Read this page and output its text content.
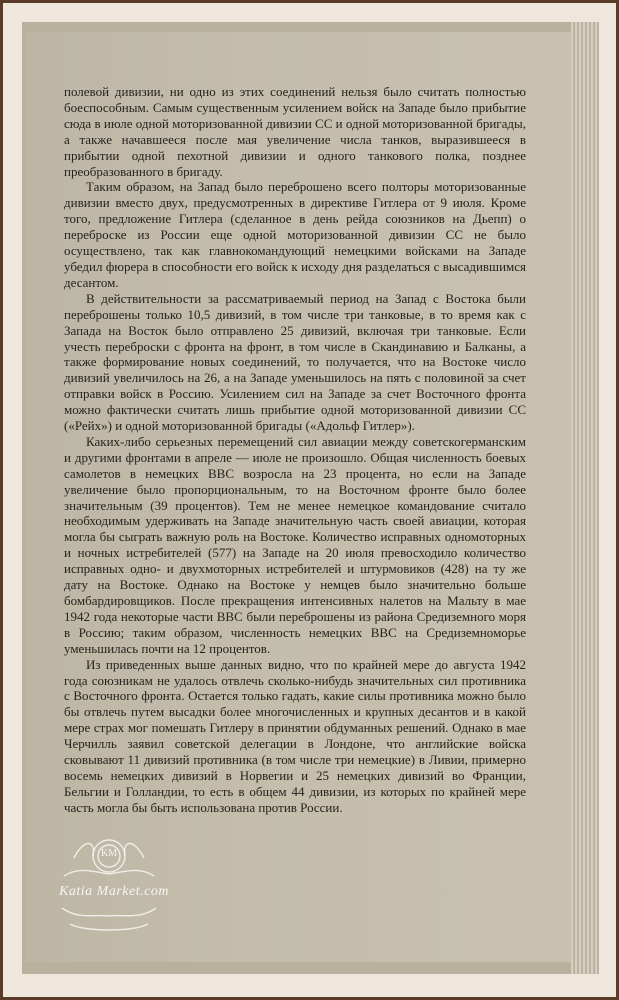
полевой дивизии, ни одно из этих соединений нельзя было считать полностью боеспособным. Самым существенным усилением войск на Западе было прибытие сюда в июле одной моторизованной дивизии СС и одной моторизованной бригады, а также начавшееся после мая увеличение числа танков, выразившееся в прибытии одной пехотной дивизии и одного танкового полка, позднее преобразованного в бригаду.

Таким образом, на Запад было переброшено всего полторы моторизованные дивизии вместо двух, предусмотренных в директиве Гитлера от 9 июля. Кроме того, предложение Гитлера (сделанное в день рейда союзников на Дьепп) о переброске из России еще одной моторизованной дивизии СС не было осуществлено, так как главнокомандующий немецкими войсками на Западе убедил фюрера в способности его войск к исходу дня разделаться с высадившимся десантом.

В действительности за рассматриваемый период на Запад с Востока были переброшены только 10,5 дивизий, в том числе три танковые, в то время как с Запада на Восток было отправлено 25 дивизий, включая три танковые. Если учесть переброски с фронта на фронт, в том числе в Скандинавию и Балканы, а также формирование новых соединений, то получается, что на Востоке число дивизий увеличилось на 26, а на Западе уменьшилось на пять с половиной за счет отправки войск в Россию. Усилением сил на Западе за счет Восточного фронта можно фактически считать лишь прибытие одной моторизованной дивизии СС («Рейх») и одной моторизованной бригады («Адольф Гитлер»).

Каких-либо серьезных перемещений сил авиации между советскогерманским и другими фронтами в апреле — июле не произошло. Общая численность боевых самолетов в немецких ВВС возросла на 23 процента, но если на Западе увеличение было пропорциональным, то на Восточном фронте было более значительным (39 процентов). Тем не менее немецкое командование считало необходимым удерживать на Западе значительную часть своей авиации, которая могла бы сыграть важную роль на Востоке. Количество исправных одномоторных и ночных истребителей (577) на Западе на 20 июля превосходило количество исправных одно- и двухмоторных истребителей и штурмовиков (428) на ту же дату на Востоке. Однако на Востоке у немцев было значительно больше бомбардировщиков. После прекращения интенсивных налетов на Мальту в мае 1942 года некоторые части ВВС были переброшены из района Средиземного моря в Россию; таким образом, численность немецких ВВС на Средиземноморье уменьшилась почти на 12 процентов.

Из приведенных выше данных видно, что по крайней мере до августа 1942 года союзникам не удалось отвлечь сколько-нибудь значительных сил противника с Восточного фронта. Остается только гадать, какие силы противника можно было бы отвлечь путем высадки более многочисленных и крупных десантов и в какой мере страх мог помешать Гитлеру в принятии обдуманных решений. Однако в мае Черчилль заявил советской делегации в Лондоне, что английские войска сковывают 11 дивизий противника (в том числе три немецкие) в Ливии, примерно восемь немецких дивизий в Норвегии и 25 немецких дивизий во Франции, Бельгии и Голландии, то есть в общем 44 дивизии, из которых по крайней мере часть могла бы быть использована против России.

KM
Katia Market.com
